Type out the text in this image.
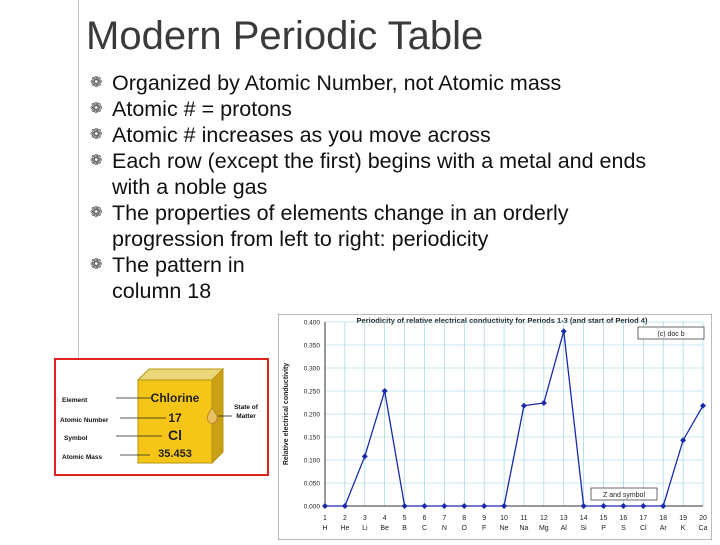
Modern Periodic Table
❁ Organized by Atomic Number, not Atomic mass
❁ Atomic # = protons
❁ Atomic # increases as you move across
❁ Each row (except the first) begins with a metal and ends with a noble gas
❁ The properties of elements change in an orderly progression from left to right: periodicity
❁ The pattern in
column 18
Chlorine
17
Cl
35.453
Element
Atomic Number
Symbol
Atomic Mass
State of Matter
Periodicity of relative electrical conductivity for Periods 1-3 (and start of Period 4)
Relative electrical conductivity
0.000
0.050
0.100
0.150
0.200
0.250
0.300
0.350
0.400
1
H
2
He
3
Li
4
Be
5
B
6
C
7
N
8
O
9
F
10
Ne
11
Na
12
Mg
13
Al
14
Si
15
P
16
S
17
Cl
18
Ar
19
K
20
Ca
(c) doc b
Z and symbol
